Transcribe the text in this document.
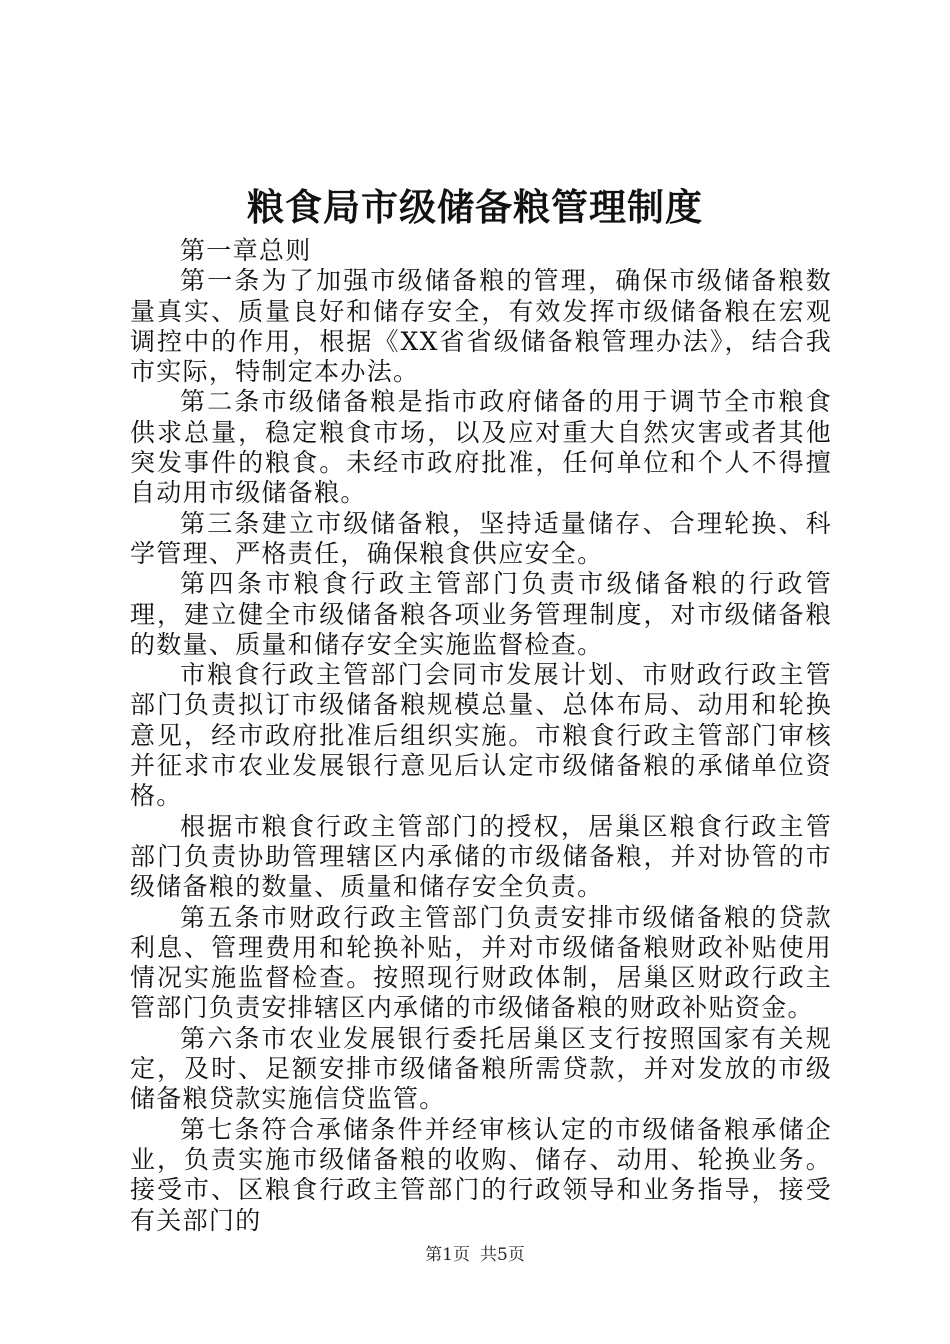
粮食局市级储备粮管理制度

第一章总则

第一条为了加强市级储备粮的管理，确保市级储备粮数量真实、质量良好和储存安全，有效发挥市级储备粮在宏观调控中的作用，根据《XX省省级储备粮管理办法》，结合我市实际，特制定本办法。

第二条市级储备粮是指市政府储备的用于调节全市粮食供求总量，稳定粮食市场，以及应对重大自然灾害或者其他突发事件的粮食。未经市政府批准，任何单位和个人不得擅自动用市级储备粮。

第三条建立市级储备粮，坚持适量储存、合理轮换、科学管理、严格责任，确保粮食供应安全。

第四条市粮食行政主管部门负责市级储备粮的行政管理，建立健全市级储备粮各项业务管理制度，对市级储备粮的数量、质量和储存安全实施监督检查。

市粮食行政主管部门会同市发展计划、市财政行政主管部门负责拟订市级储备粮规模总量、总体布局、动用和轮换意见，经市政府批准后组织实施。市粮食行政主管部门审核并征求市农业发展银行意见后认定市级储备粮的承储单位资格。

根据市粮食行政主管部门的授权，居巢区粮食行政主管部门负责协助管理辖区内承储的市级储备粮，并对协管的市级储备粮的数量、质量和储存安全负责。

第五条市财政行政主管部门负责安排市级储备粮的贷款利息、管理费用和轮换补贴，并对市级储备粮财政补贴使用情况实施监督检查。按照现行财政体制，居巢区财政行政主管部门负责安排辖区内承储的市级储备粮的财政补贴资金。

第六条市农业发展银行委托居巢区支行按照国家有关规定，及时、足额安排市级储备粮所需贷款，并对发放的市级储备粮贷款实施信贷监管。

第七条符合承储条件并经审核认定的市级储备粮承储企业，负责实施市级储备粮的收购、储存、动用、轮换业务。接受市、区粮食行政主管部门的行政领导和业务指导，接受有关部门的

第1页 共5页
